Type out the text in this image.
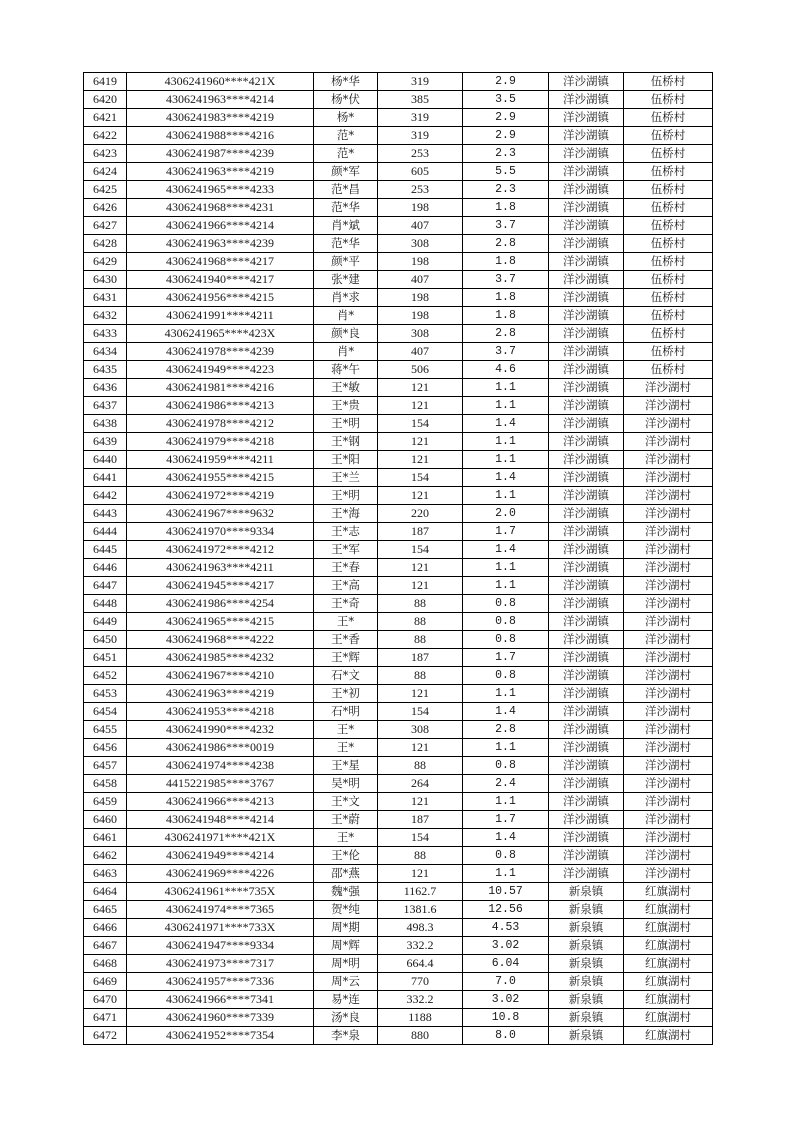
6419	4306241960****421X	杨*华	319	2.9	洋沙湖镇	伍桥村
6420	4306241963****4214	杨*伏	385	3.5	洋沙湖镇	伍桥村
6421	4306241983****4219	杨*	319	2.9	洋沙湖镇	伍桥村
6422	4306241988****4216	范*	319	2.9	洋沙湖镇	伍桥村
6423	4306241987****4239	范*	253	2.3	洋沙湖镇	伍桥村
6424	4306241963****4219	颜*军	605	5.5	洋沙湖镇	伍桥村
6425	4306241965****4233	范*昌	253	2.3	洋沙湖镇	伍桥村
6426	4306241968****4231	范*华	198	1.8	洋沙湖镇	伍桥村
6427	4306241966****4214	肖*斌	407	3.7	洋沙湖镇	伍桥村
6428	4306241963****4239	范*华	308	2.8	洋沙湖镇	伍桥村
6429	4306241968****4217	颜*平	198	1.8	洋沙湖镇	伍桥村
6430	4306241940****4217	张*建	407	3.7	洋沙湖镇	伍桥村
6431	4306241956****4215	肖*求	198	1.8	洋沙湖镇	伍桥村
6432	4306241991****4211	肖*	198	1.8	洋沙湖镇	伍桥村
6433	4306241965****423X	颜*良	308	2.8	洋沙湖镇	伍桥村
6434	4306241978****4239	肖*	407	3.7	洋沙湖镇	伍桥村
6435	4306241949****4223	蒋*午	506	4.6	洋沙湖镇	伍桥村
6436	4306241981****4216	王*敏	121	1.1	洋沙湖镇	洋沙湖村
6437	4306241986****4213	王*贵	121	1.1	洋沙湖镇	洋沙湖村
6438	4306241978****4212	王*明	154	1.4	洋沙湖镇	洋沙湖村
6439	4306241979****4218	王*钢	121	1.1	洋沙湖镇	洋沙湖村
6440	4306241959****4211	王*阳	121	1.1	洋沙湖镇	洋沙湖村
6441	4306241955****4215	王*兰	154	1.4	洋沙湖镇	洋沙湖村
6442	4306241972****4219	王*明	121	1.1	洋沙湖镇	洋沙湖村
6443	4306241967****9632	王*海	220	2.0	洋沙湖镇	洋沙湖村
6444	4306241970****9334	王*志	187	1.7	洋沙湖镇	洋沙湖村
6445	4306241972****4212	王*军	154	1.4	洋沙湖镇	洋沙湖村
6446	4306241963****4211	王*春	121	1.1	洋沙湖镇	洋沙湖村
6447	4306241945****4217	王*高	121	1.1	洋沙湖镇	洋沙湖村
6448	4306241986****4254	王*奇	88	0.8	洋沙湖镇	洋沙湖村
6449	4306241965****4215	王*	88	0.8	洋沙湖镇	洋沙湖村
6450	4306241968****4222	王*香	88	0.8	洋沙湖镇	洋沙湖村
6451	4306241985****4232	王*辉	187	1.7	洋沙湖镇	洋沙湖村
6452	4306241967****4210	石*文	88	0.8	洋沙湖镇	洋沙湖村
6453	4306241963****4219	王*初	121	1.1	洋沙湖镇	洋沙湖村
6454	4306241953****4218	石*明	154	1.4	洋沙湖镇	洋沙湖村
6455	4306241990****4232	王*	308	2.8	洋沙湖镇	洋沙湖村
6456	4306241986****0019	王*	121	1.1	洋沙湖镇	洋沙湖村
6457	4306241974****4238	王*星	88	0.8	洋沙湖镇	洋沙湖村
6458	4415221985****3767	吴*明	264	2.4	洋沙湖镇	洋沙湖村
6459	4306241966****4213	王*文	121	1.1	洋沙湖镇	洋沙湖村
6460	4306241948****4214	王*蔚	187	1.7	洋沙湖镇	洋沙湖村
6461	4306241971****421X	王*	154	1.4	洋沙湖镇	洋沙湖村
6462	4306241949****4214	王*伦	88	0.8	洋沙湖镇	洋沙湖村
6463	4306241969****4226	邵*燕	121	1.1	洋沙湖镇	洋沙湖村
6464	4306241961****735X	魏*强	1162.7	10.57	新泉镇	红旗湖村
6465	4306241974****7365	贺*纯	1381.6	12.56	新泉镇	红旗湖村
6466	4306241971****733X	周*期	498.3	4.53	新泉镇	红旗湖村
6467	4306241947****9334	周*辉	332.2	3.02	新泉镇	红旗湖村
6468	4306241973****7317	周*明	664.4	6.04	新泉镇	红旗湖村
6469	4306241957****7336	周*云	770	7.0	新泉镇	红旗湖村
6470	4306241966****7341	易*连	332.2	3.02	新泉镇	红旗湖村
6471	4306241960****7339	汤*良	1188	10.8	新泉镇	红旗湖村
6472	4306241952****7354	李*泉	880	8.0	新泉镇	红旗湖村
